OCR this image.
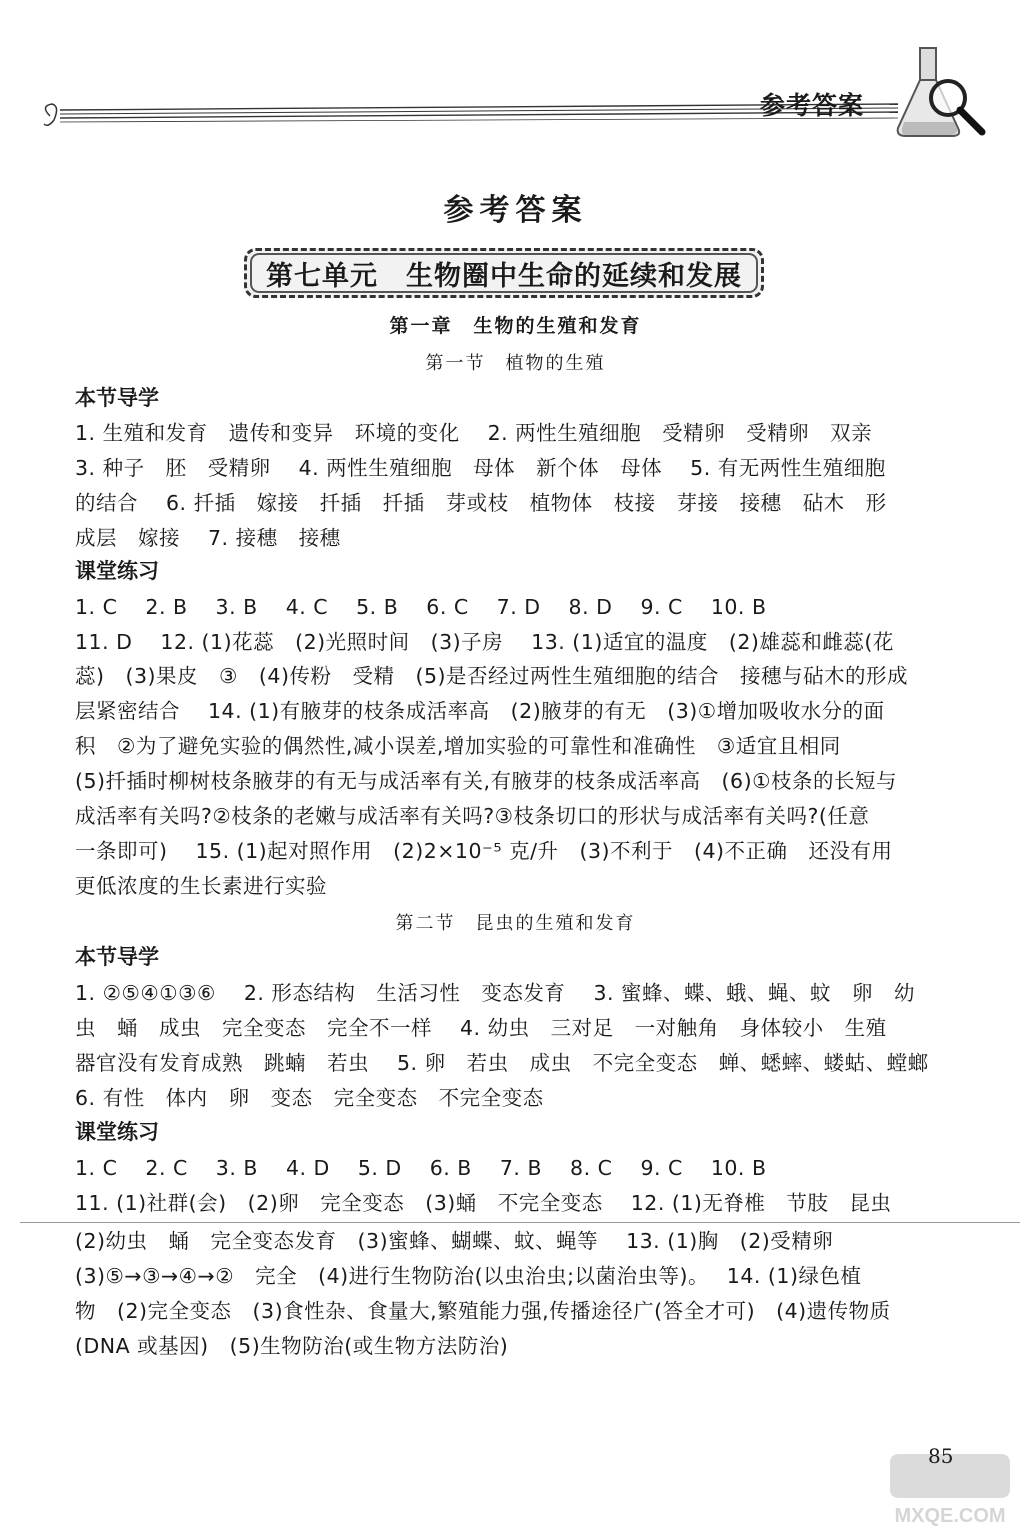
参考答案
参考答案
第七单元　生物圈中生命的延续和发展
第一章　生物的生殖和发育
第一节　植物的生殖
本节导学
1. 生殖和发育　遗传和变异　环境的变化　 2. 两性生殖细胞　受精卵　受精卵　双亲
3. 种子　胚　受精卵　 4. 两性生殖细胞　母体　新个体　母体　 5. 有无两性生殖细胞
的结合　 6. 扦插　嫁接　扦插　扦插　芽或枝　植物体　枝接　芽接　接穗　砧木　形
成层　嫁接　 7. 接穗　接穗
课堂练习
1. C　 2. B　 3. B　 4. C　 5. B　 6. C　 7. D　 8. D　 9. C　 10. B
11. D　 12. (1)花蕊　(2)光照时间　(3)子房　 13. (1)适宜的温度　(2)雄蕊和雌蕊(花
蕊)　(3)果皮　③　(4)传粉　受精　(5)是否经过两性生殖细胞的结合　接穗与砧木的形成
层紧密结合　 14. (1)有腋芽的枝条成活率高　(2)腋芽的有无　(3)①增加吸收水分的面
积　②为了避免实验的偶然性,减小误差,增加实验的可靠性和准确性　③适宜且相同
(5)扦插时柳树枝条腋芽的有无与成活率有关,有腋芽的枝条成活率高　(6)①枝条的长短与
成活率有关吗?②枝条的老嫩与成活率有关吗?③枝条切口的形状与成活率有关吗?(任意
一条即可)　 15. (1)起对照作用　(2)2×10⁻⁵ 克/升　(3)不利于　(4)不正确　还没有用
更低浓度的生长素进行实验
第二节　昆虫的生殖和发育
本节导学
1. ②⑤④①③⑥　 2. 形态结构　生活习性　变态发育　 3. 蜜蜂、蝶、蛾、蝇、蚊　卵　幼
虫　蛹　成虫　完全变态　完全不一样　 4. 幼虫　三对足　一对触角　身体较小　生殖
器官没有发育成熟　跳蝻　若虫　 5. 卵　若虫　成虫　不完全变态　蝉、蟋蟀、蝼蛄、螳螂
6. 有性　体内　卵　变态　完全变态　不完全变态
课堂练习
1. C　 2. C　 3. B　 4. D　 5. D　 6. B　 7. B　 8. C　 9. C　 10. B
11. (1)社群(会)　(2)卵　完全变态　(3)蛹　不完全变态　 12. (1)无脊椎　节肢　昆虫
(2)幼虫　蛹　完全变态发育　(3)蜜蜂、蝴蝶、蚊、蝇等　 13. (1)胸　(2)受精卵
(3)⑤→③→④→②　完全　(4)进行生物防治(以虫治虫;以菌治虫等)。　 14. (1)绿色植
物　(2)完全变态　(3)食性杂、食量大,繁殖能力强,传播途径广(答全才可)　(4)遗传物质
(DNA 或基因)　(5)生物防治(或生物方法防治)
MXQE.COM
85
